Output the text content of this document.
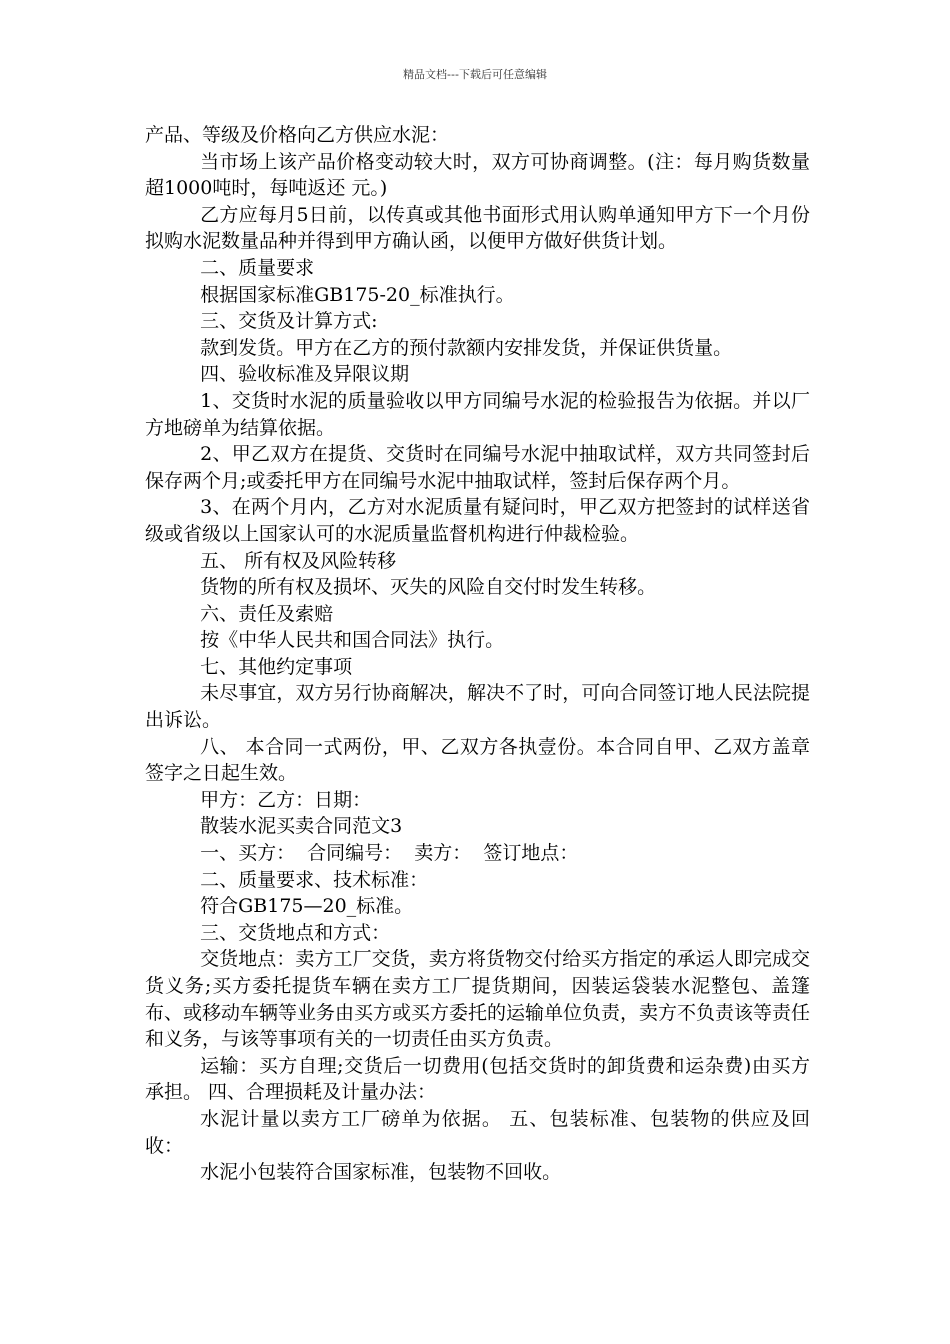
精品文档---下载后可任意编辑

产品、等级及价格向乙方供应水泥：

当市场上该产品价格变动较大时，双方可协商调整。(注：每月购货数量超1000吨时，每吨返还 元。)

乙方应每月5日前，以传真或其他书面形式用认购单通知甲方下一个月份拟购水泥数量品种并得到甲方确认函，以便甲方做好供货计划。

二、质量要求

根据国家标准GB175-20_标准执行。

三、交货及计算方式:

款到发货。甲方在乙方的预付款额内安排发货，并保证供货量。

四、验收标准及异限议期

1、交货时水泥的质量验收以甲方同编号水泥的检验报告为依据。并以厂方地磅单为结算依据。

2、甲乙双方在提货、交货时在同编号水泥中抽取试样，双方共同签封后保存两个月;或委托甲方在同编号水泥中抽取试样，签封后保存两个月。

3、在两个月内，乙方对水泥质量有疑问时，甲乙双方把签封的试样送省级或省级以上国家认可的水泥质量监督机构进行仲裁检验。

五、 所有权及风险转移

货物的所有权及损坏、灭失的风险自交付时发生转移。

六、责任及索赔

按《中华人民共和国合同法》执行。

七、其他约定事项

未尽事宜，双方另行协商解决，解决不了时，可向合同签订地人民法院提出诉讼。

八、 本合同一式两份，甲、乙双方各执壹份。本合同自甲、乙双方盖章签字之日起生效。

甲方：乙方：日期：

散装水泥买卖合同范文3

一、买方：  合同编号：  卖方：  签订地点：

二、质量要求、技术标准：

符合GB175—20_标准。

三、交货地点和方式：

交货地点：卖方工厂交货，卖方将货物交付给买方指定的承运人即完成交货义务;买方委托提货车辆在卖方工厂提货期间，因装运袋装水泥整包、盖篷布、或移动车辆等业务由买方或买方委托的运输单位负责，卖方不负责该等责任和义务，与该等事项有关的一切责任由买方负责。

运输：买方自理;交货后一切费用(包括交货时的卸货费和运杂费)由买方承担。 四、合理损耗及计量办法：

水泥计量以卖方工厂磅单为依据。 五、包装标准、包装物的供应及回收：

水泥小包装符合国家标准，包装物不回收。
